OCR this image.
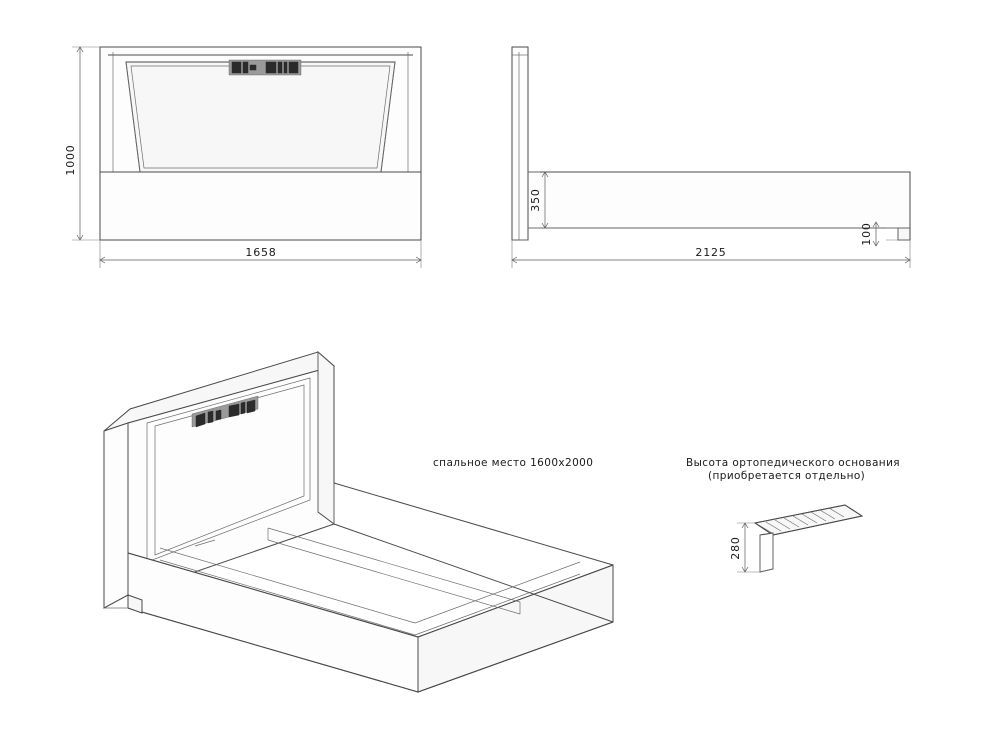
1000
1658
350
100
2125
280
спальное место 1600x2000	Высота ортопедического основания
(приобретается отдельно)
